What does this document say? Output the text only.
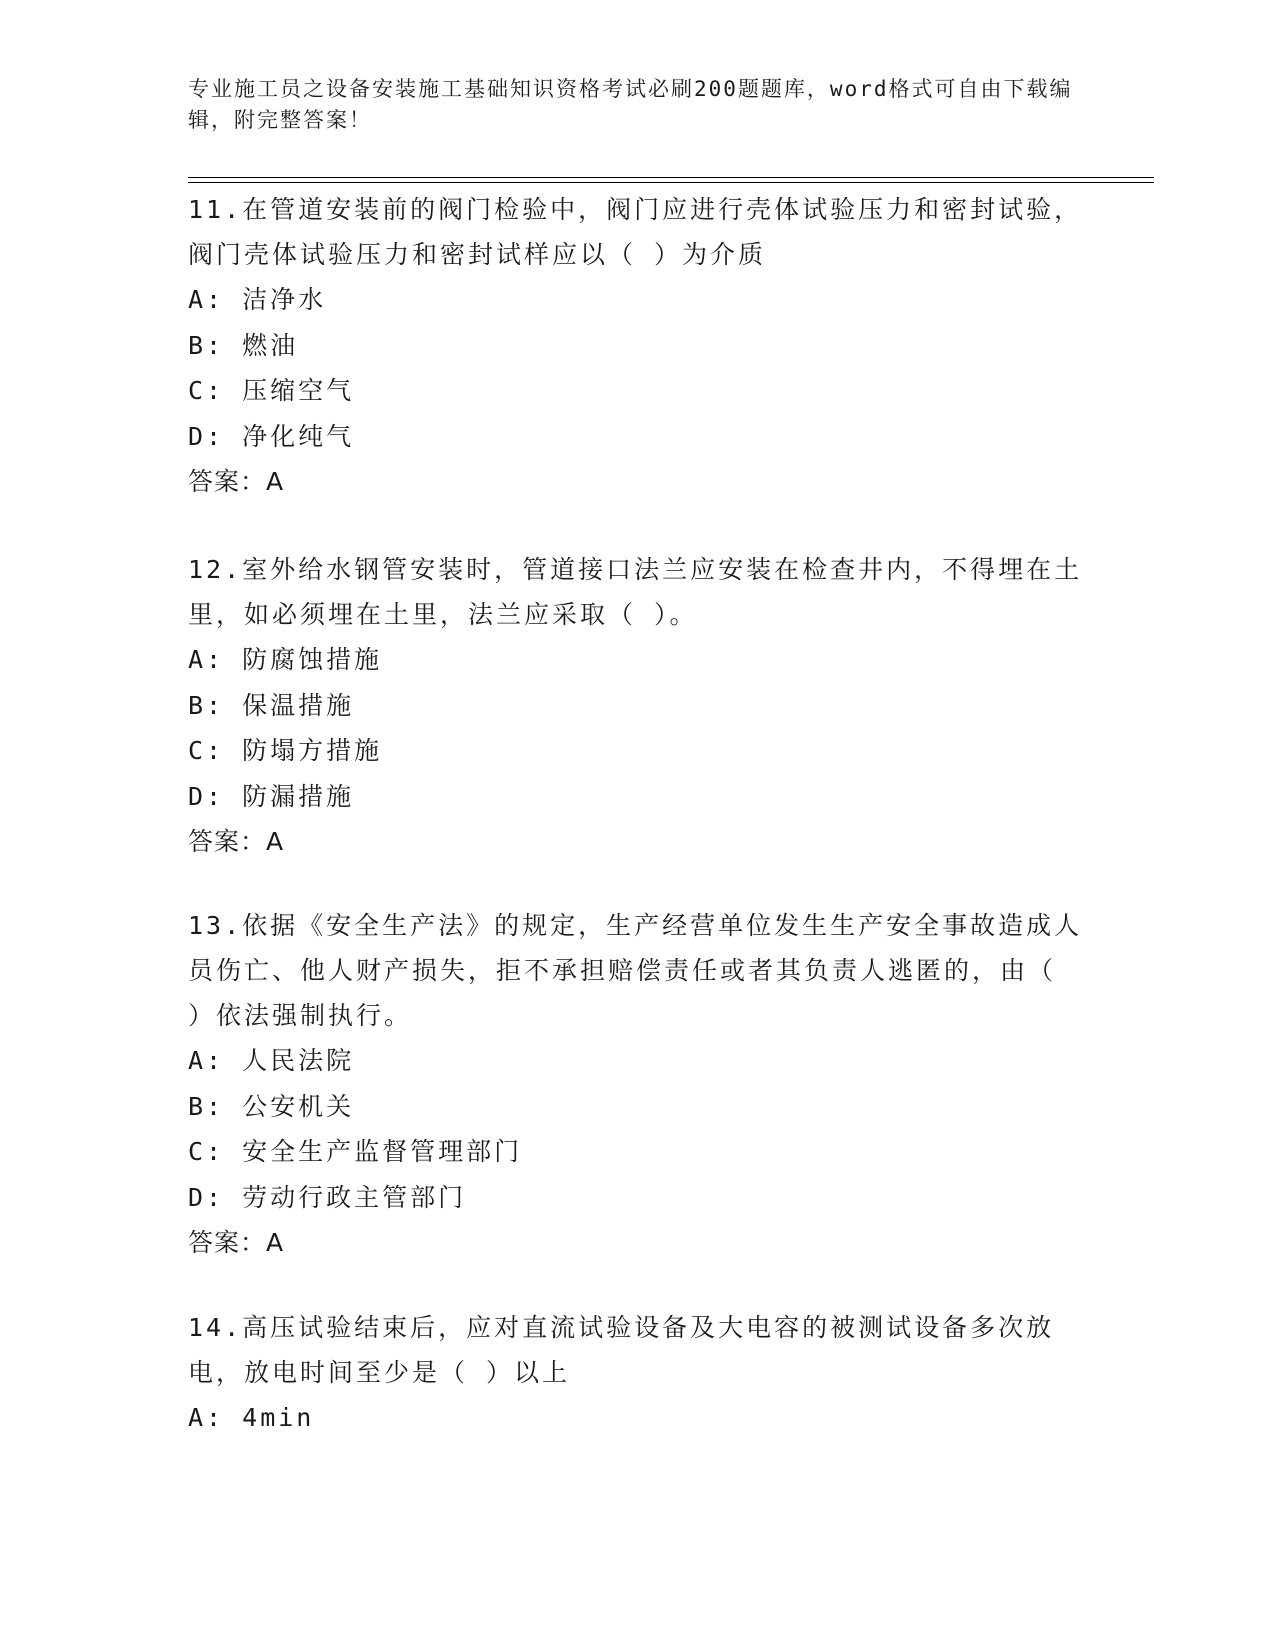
专业施工员之设备安装施工基础知识资格考试必刷200题题库，word格式可自由下载编辑，附完整答案！

11.在管道安装前的阀门检验中，阀门应进行壳体试验压力和密封试验，阀门壳体试验压力和密封试样应以（ ）为介质

A: 洁净水

B: 燃油

C: 压缩空气

D: 净化纯气

答案：A

12.室外给水钢管安装时，管道接口法兰应安装在检查井内，不得埋在土里，如必须埋在土里，法兰应采取（ ）。

A: 防腐蚀措施

B: 保温措施

C: 防塌方措施

D: 防漏措施

答案：A

13.依据《安全生产法》的规定，生产经营单位发生生产安全事故造成人员伤亡、他人财产损失，拒不承担赔偿责任或者其负责人逃匿的，由（ ）依法强制执行。

A: 人民法院

B: 公安机关

C: 安全生产监督管理部门

D: 劳动行政主管部门

答案：A

14.高压试验结束后，应对直流试验设备及大电容的被测试设备多次放电，放电时间至少是（ ）以上

A: 4min
